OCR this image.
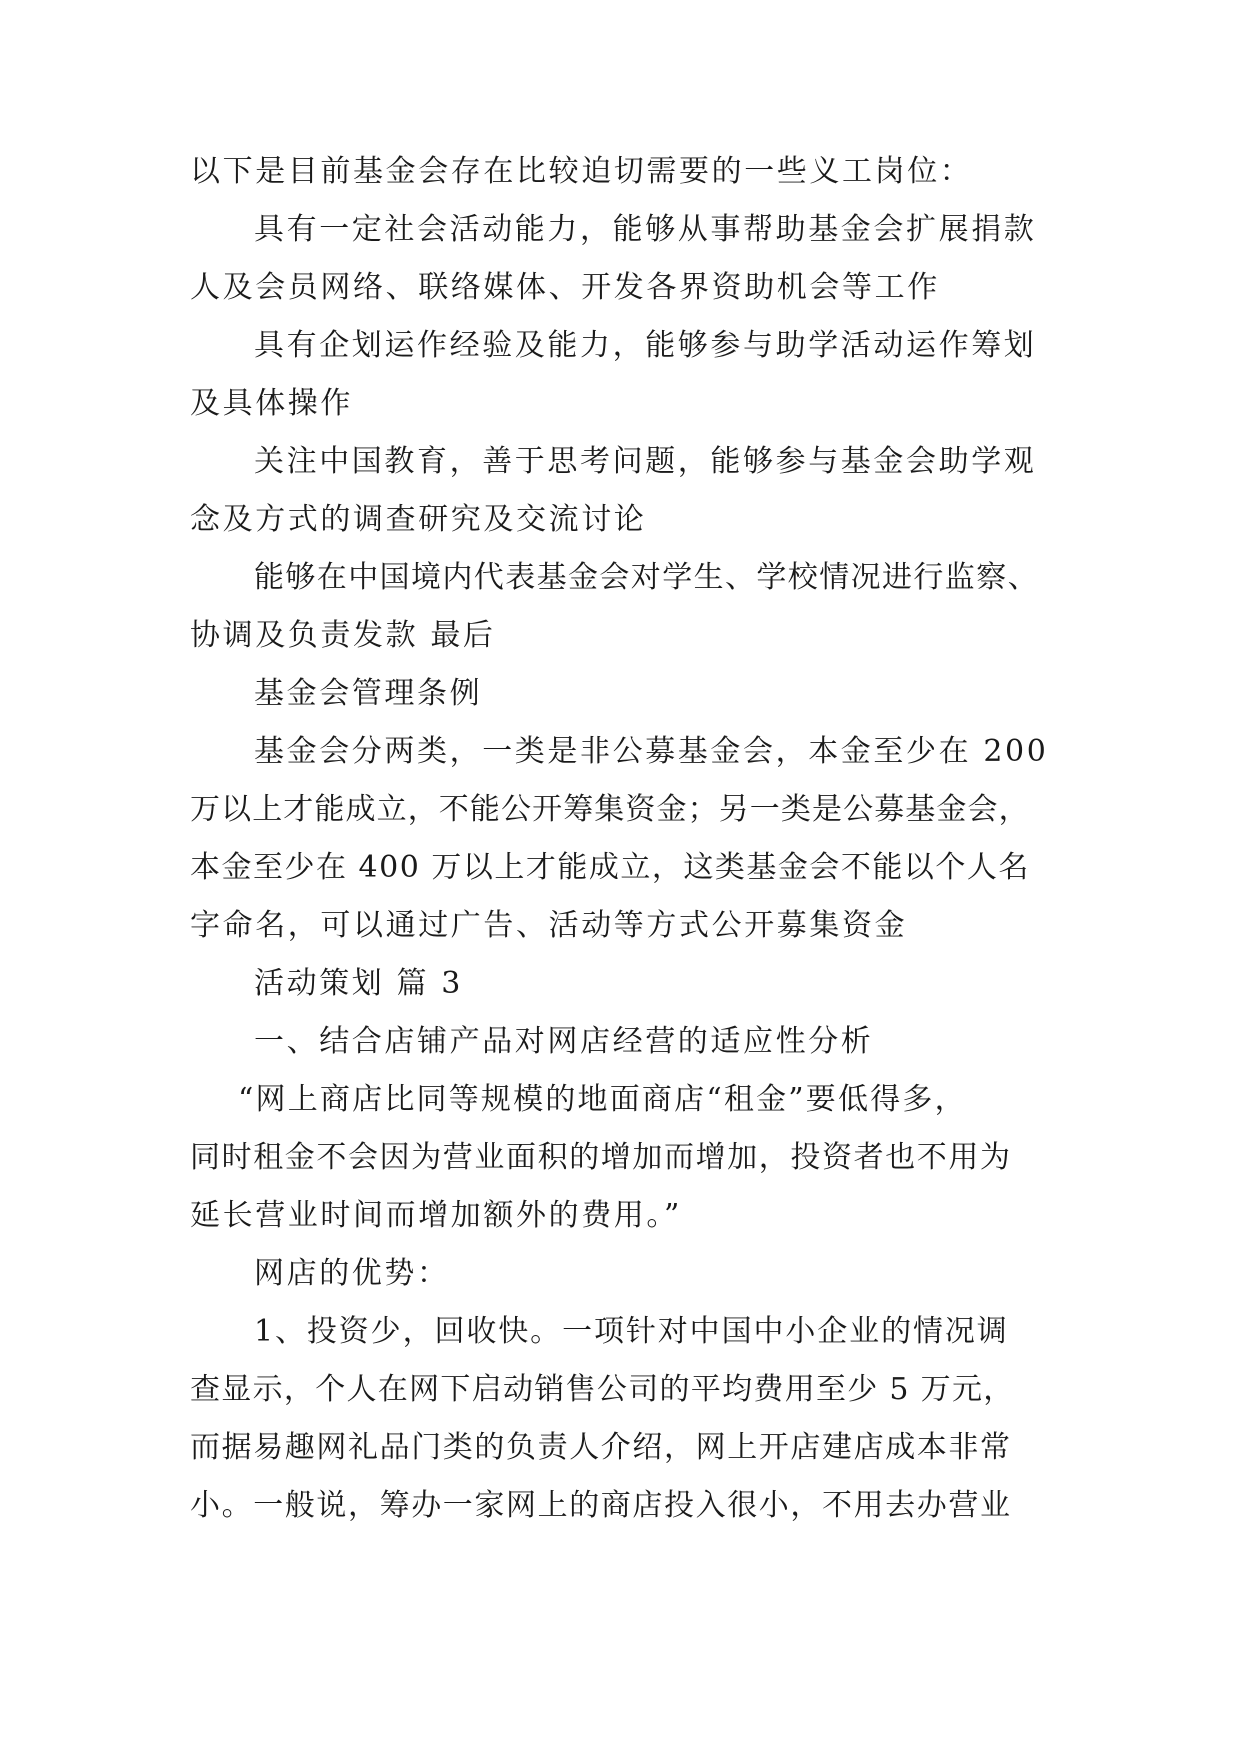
以下是目前基金会存在比较迫切需要的一些义工岗位：
具有一定社会活动能力，能够从事帮助基金会扩展捐款
人及会员网络、联络媒体、开发各界资助机会等工作
具有企划运作经验及能力，能够参与助学活动运作筹划
及具体操作
关注中国教育，善于思考问题，能够参与基金会助学观
念及方式的调查研究及交流讨论
能够在中国境内代表基金会对学生、学校情况进行监察、
协调及负责发款 最后
基金会管理条例
基金会分两类，一类是非公募基金会，本金至少在 200
万以上才能成立，不能公开筹集资金；另一类是公募基金会，
本金至少在 400 万以上才能成立，这类基金会不能以个人名
字命名，可以通过广告、活动等方式公开募集资金
活动策划 篇 3
一、结合店铺产品对网店经营的适应性分析
“网上商店比同等规模的地面商店“租金”要低得多，
同时租金不会因为营业面积的增加而增加，投资者也不用为
延长营业时间而增加额外的费用。”
网店的优势：
1、投资少，回收快。一项针对中国中小企业的情况调
查显示，个人在网下启动销售公司的平均费用至少 5 万元，
而据易趣网礼品门类的负责人介绍，网上开店建店成本非常
小。一般说，筹办一家网上的商店投入很小，不用去办营业
